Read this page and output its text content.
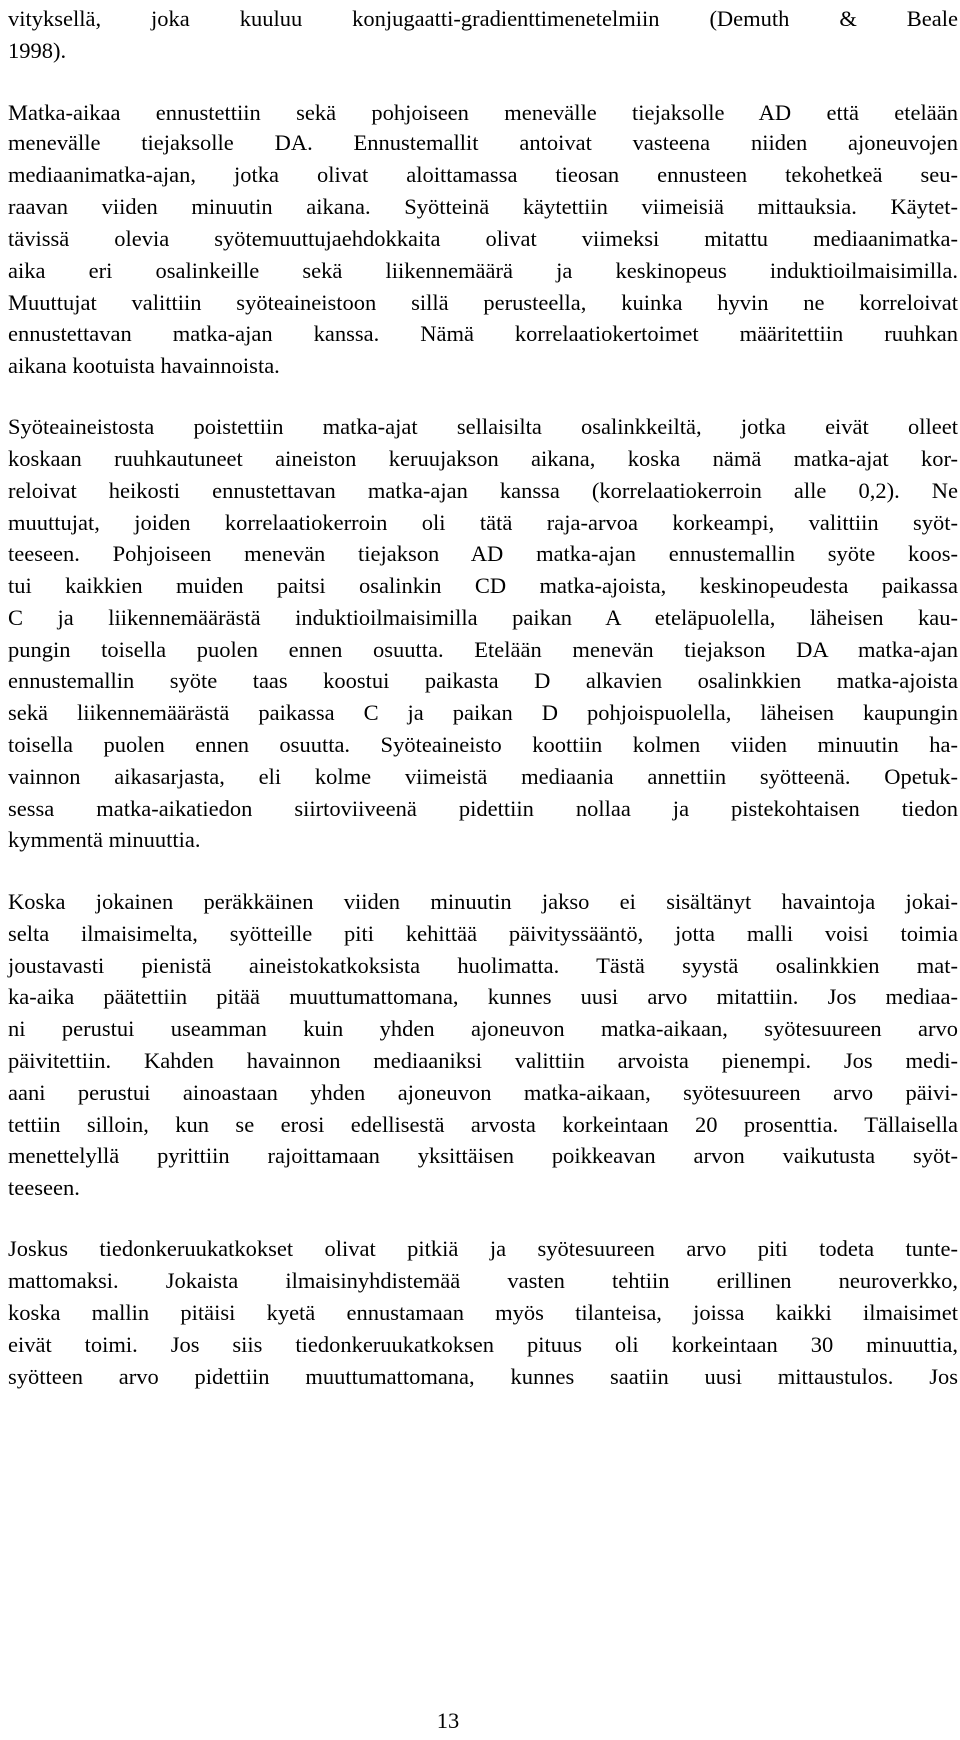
vityksellä, joka kuuluu konjugaatti-gradienttimenetelmiin (Demuth & Beale
1998).
Matka-aikaa ennustettiin sekä pohjoiseen menevälle tiejaksolle AD että etelään
menevälle tiejaksolle DA. Ennustemallit antoivat vasteena niiden ajoneuvojen
mediaanimatka-ajan, jotka olivat aloittamassa tieosan ennusteen tekohetkeä seu-
raavan viiden minuutin aikana. Syötteinä käytettiin viimeisiä mittauksia. Käytet-
tävissä olevia syötemuuttujaehdokkaita olivat viimeksi mitattu mediaanimatka-
aika eri osalinkeille sekä liikennemäärä ja keskinopeus induktioilmaisimilla.
Muuttujat valittiin syöteaineistoon sillä perusteella, kuinka hyvin ne korreloivat
ennustettavan matka-ajan kanssa. Nämä korrelaatiokertoimet määritettiin ruuhkan
aikana kootuista havainnoista.
Syöteaineistosta poistettiin matka-ajat sellaisilta osalinkkeiltä, jotka eivät olleet
koskaan ruuhkautuneet aineiston keruujakson aikana, koska nämä matka-ajat kor-
reloivat heikosti ennustettavan matka-ajan kanssa (korrelaatiokerroin alle 0,2). Ne
muuttujat, joiden korrelaatiokerroin oli tätä raja-arvoa korkeampi, valittiin syöt-
teeseen. Pohjoiseen menevän tiejakson AD matka-ajan ennustemallin syöte koos-
tui kaikkien muiden paitsi osalinkin CD matka-ajoista, keskinopeudesta paikassa
C ja liikennemäärästä induktioilmaisimilla paikan A eteläpuolella, läheisen kau-
pungin toisella puolen ennen osuutta. Etelään menevän tiejakson DA matka-ajan
ennustemallin syöte taas koostui paikasta D alkavien osalinkkien matka-ajoista
sekä liikennemäärästä paikassa C ja paikan D pohjoispuolella, läheisen kaupungin
toisella puolen ennen osuutta. Syöteaineisto koottiin kolmen viiden minuutin ha-
vainnon aikasarjasta, eli kolme viimeistä mediaania annettiin syötteenä. Opetuk-
sessa matka-aikatiedon siirtoviiveenä pidettiin nollaa ja pistekohtaisen tiedon
kymmentä minuuttia.
Koska jokainen peräkkäinen viiden minuutin jakso ei sisältänyt havaintoja jokai-
selta ilmaisimelta, syötteille piti kehittää päivityssääntö, jotta malli voisi toimia
joustavasti pienistä aineistokatkoksista huolimatta. Tästä syystä osalinkkien mat-
ka-aika päätettiin pitää muuttumattomana, kunnes uusi arvo mitattiin. Jos mediaa-
ni perustui useamman kuin yhden ajoneuvon matka-aikaan, syötesuureen arvo
päivitettiin. Kahden havainnon mediaaniksi valittiin arvoista pienempi. Jos medi-
aani perustui ainoastaan yhden ajoneuvon matka-aikaan, syötesuureen arvo päivi-
tettiin silloin, kun se erosi edellisestä arvosta korkeintaan 20 prosenttia. Tällaisella
menettelyllä pyrittiin rajoittamaan yksittäisen poikkeavan arvon vaikutusta syöt-
teeseen.
Joskus tiedonkeruukatkokset olivat pitkiä ja syötesuureen arvo piti todeta tunte-
mattomaksi. Jokaista ilmaisinyhdistemää vasten tehtiin erillinen neuroverkko,
koska mallin pitäisi kyetä ennustamaan myös tilanteisa, joissa kaikki ilmaisimet
eivät toimi. Jos siis tiedonkeruukatkoksen pituus oli korkeintaan 30 minuuttia,
syötteen arvo pidettiin muuttumattomana, kunnes saatiin uusi mittaustulos. Jos
13
